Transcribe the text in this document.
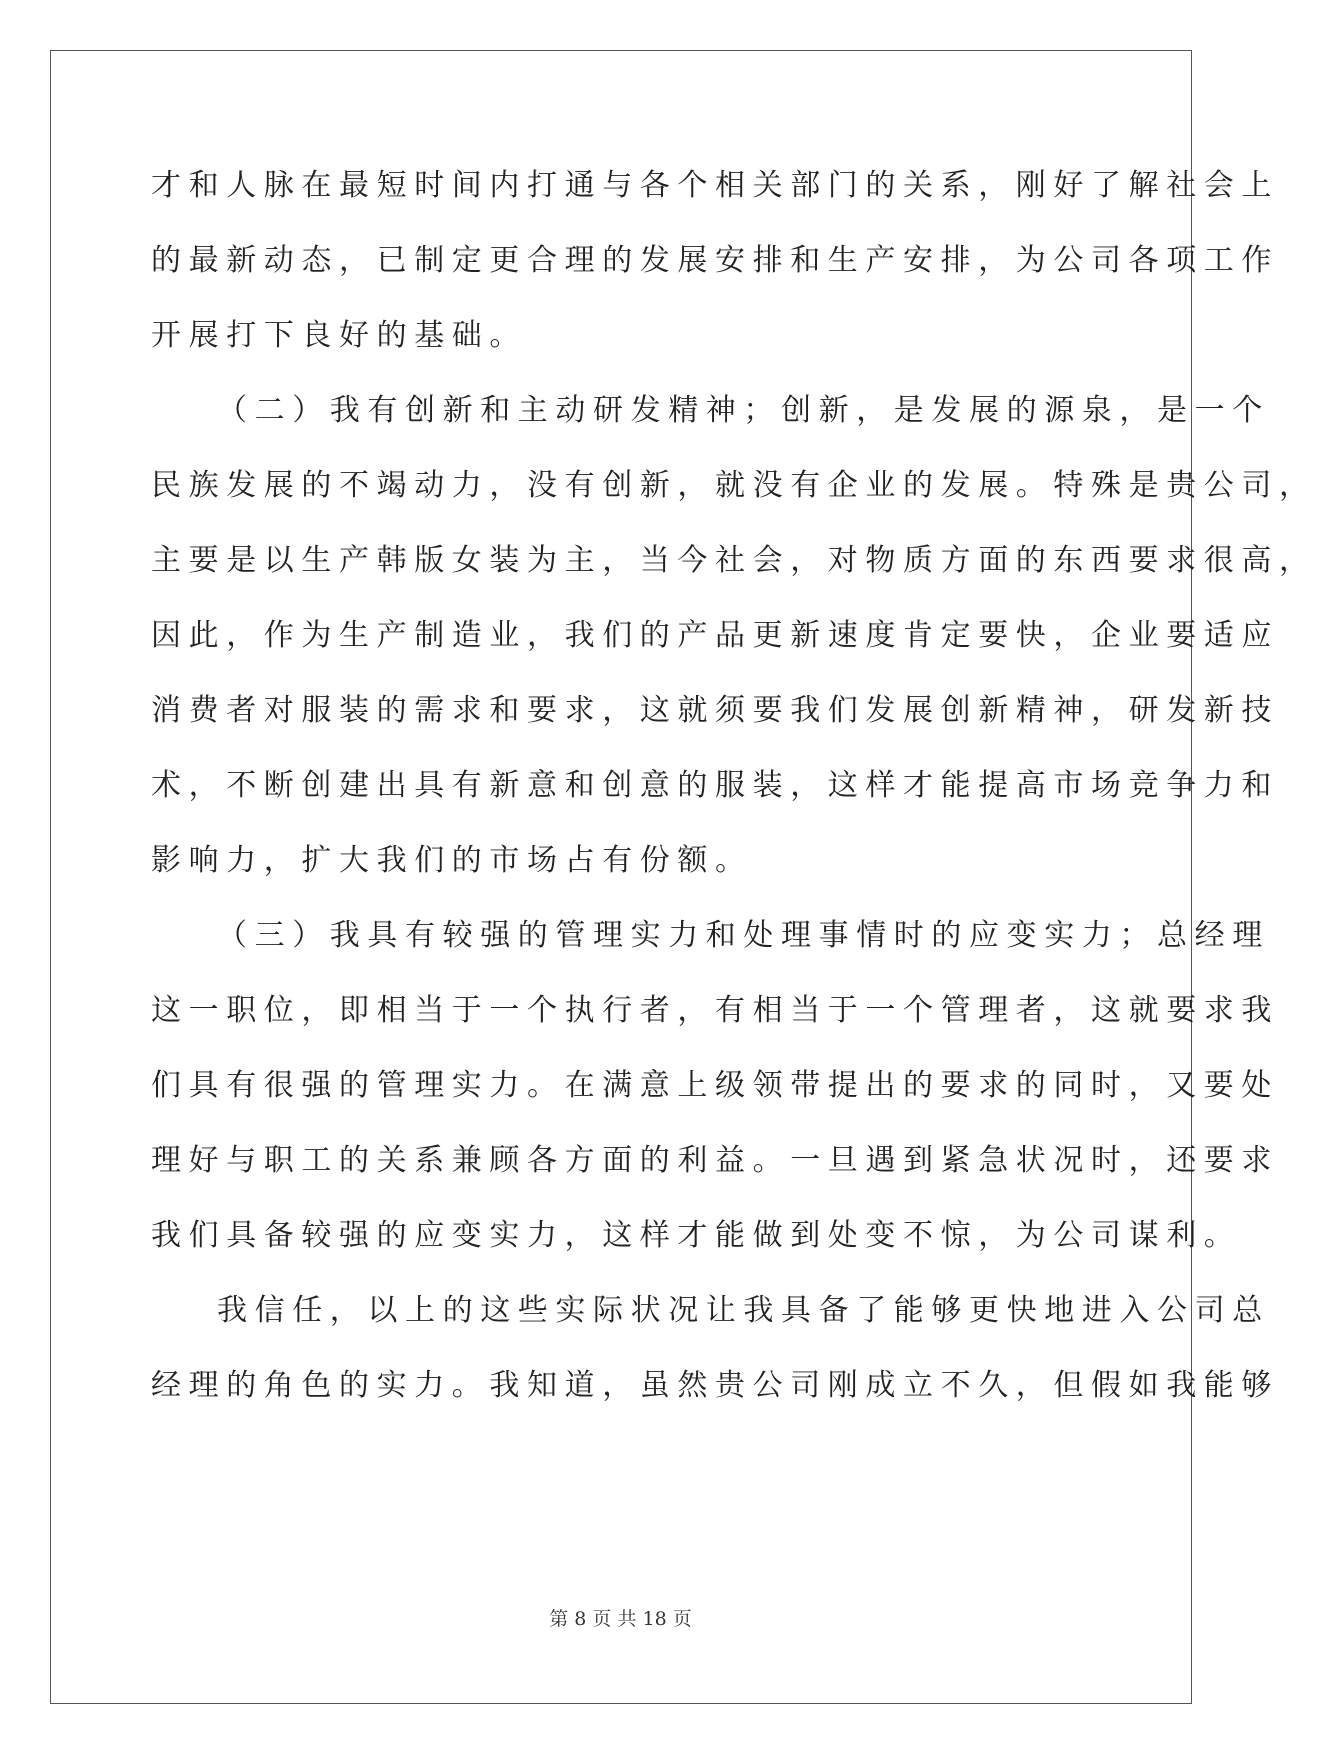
才和人脉在最短时间内打通与各个相关部门的关系，刚好了解社会上
的最新动态，已制定更合理的发展安排和生产安排，为公司各项工作
开展打下良好的基础。
（二）我有创新和主动研发精神；创新，是发展的源泉，是一个
民族发展的不竭动力，没有创新，就没有企业的发展。特殊是贵公司，
主要是以生产韩版女装为主，当今社会，对物质方面的东西要求很高，
因此，作为生产制造业，我们的产品更新速度肯定要快，企业要适应
消费者对服装的需求和要求，这就须要我们发展创新精神，研发新技
术，不断创建出具有新意和创意的服装，这样才能提高市场竞争力和
影响力，扩大我们的市场占有份额。
（三）我具有较强的管理实力和处理事情时的应变实力；总经理
这一职位，即相当于一个执行者，有相当于一个管理者，这就要求我
们具有很强的管理实力。在满意上级领带提出的要求的同时，又要处
理好与职工的关系兼顾各方面的利益。一旦遇到紧急状况时，还要求
我们具备较强的应变实力，这样才能做到处变不惊，为公司谋利。
我信任，以上的这些实际状况让我具备了能够更快地进入公司总
经理的角色的实力。我知道，虽然贵公司刚成立不久，但假如我能够
第 8 页 共 18 页
